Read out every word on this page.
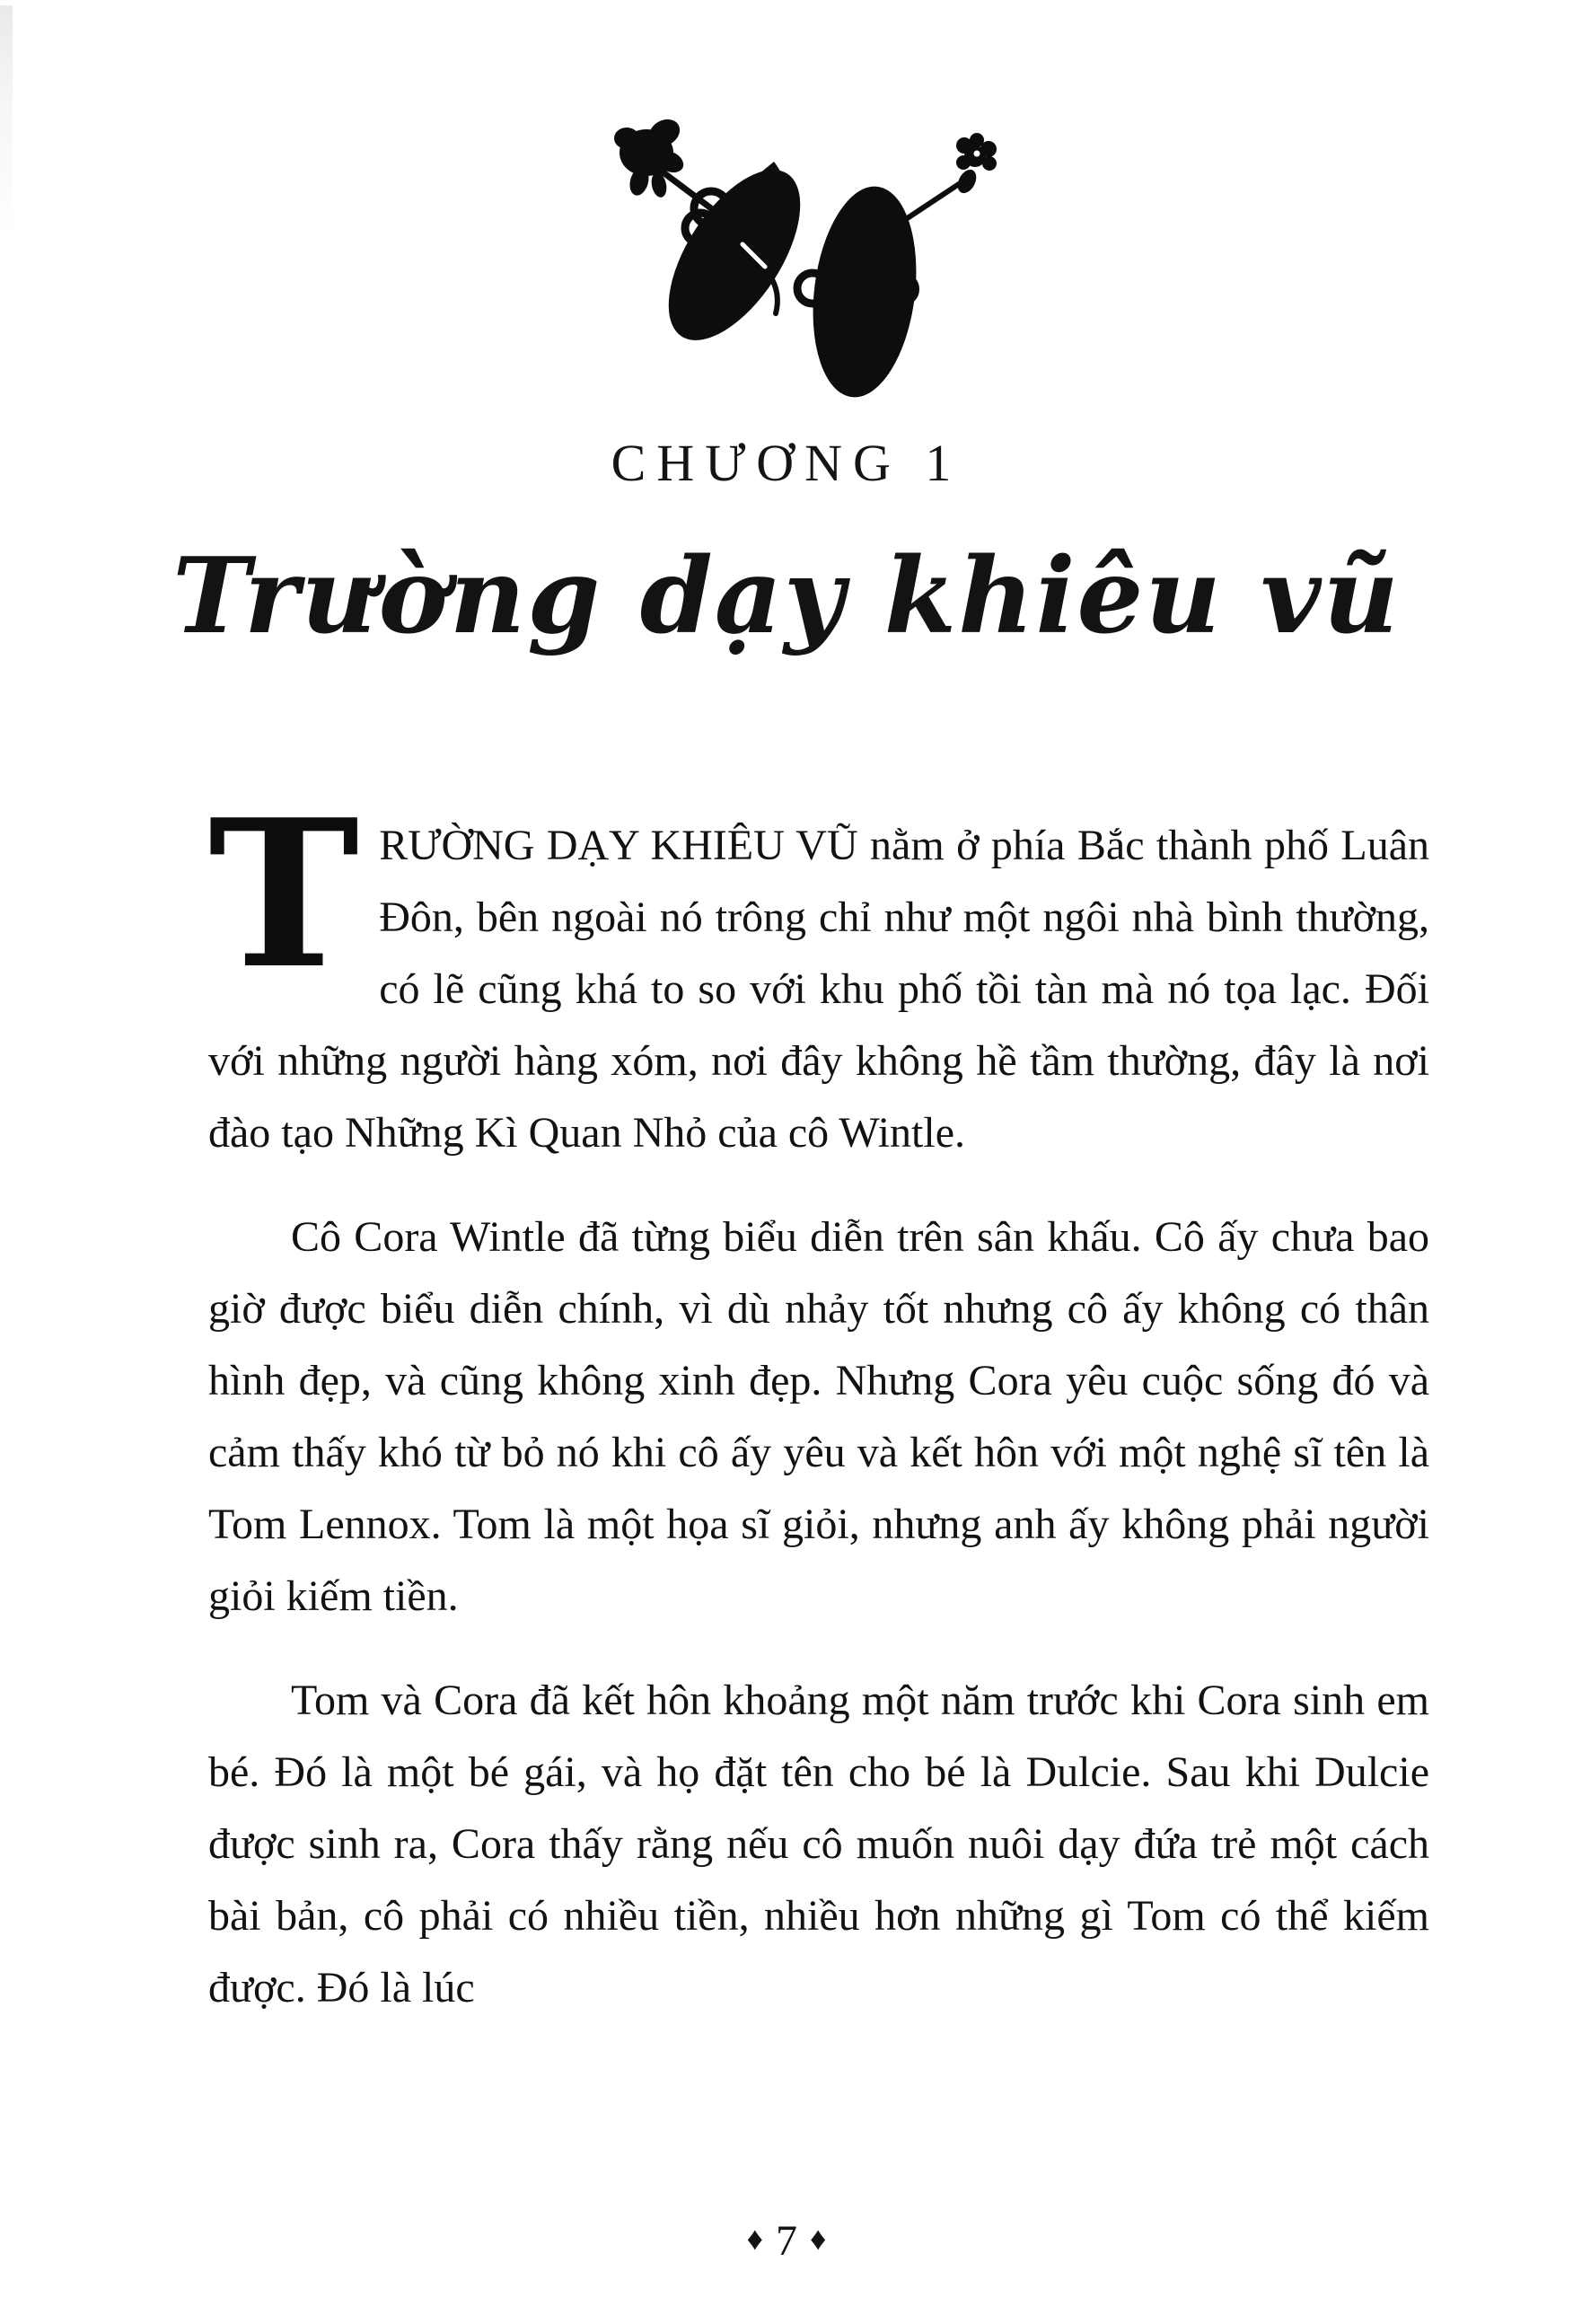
CHƯƠNG 1
Trường dạy khiêu vũ

TRƯỜNG DẠY KHIÊU VŨ nằm ở phía Bắc thành phố Luân Đôn, bên ngoài nó trông chỉ như một ngôi nhà bình thường, có lẽ cũng khá to so với khu phố tồi tàn mà nó tọa lạc. Đối với những người hàng xóm, nơi đây không hề tầm thường, đây là nơi đào tạo Những Kì Quan Nhỏ của cô Wintle.

Cô Cora Wintle đã từng biểu diễn trên sân khấu. Cô ấy chưa bao giờ được biểu diễn chính, vì dù nhảy tốt nhưng cô ấy không có thân hình đẹp, và cũng không xinh đẹp. Nhưng Cora yêu cuộc sống đó và cảm thấy khó từ bỏ nó khi cô ấy yêu và kết hôn với một nghệ sĩ tên là Tom Lennox. Tom là một họa sĩ giỏi, nhưng anh ấy không phải người giỏi kiếm tiền.

Tom và Cora đã kết hôn khoảng một năm trước khi Cora sinh em bé. Đó là một bé gái, và họ đặt tên cho bé là Dulcie. Sau khi Dulcie được sinh ra, Cora thấy rằng nếu cô muốn nuôi dạy đứa trẻ một cách bài bản, cô phải có nhiều tiền, nhiều hơn những gì Tom có thể kiếm được. Đó là lúc

♦ 7 ♦
